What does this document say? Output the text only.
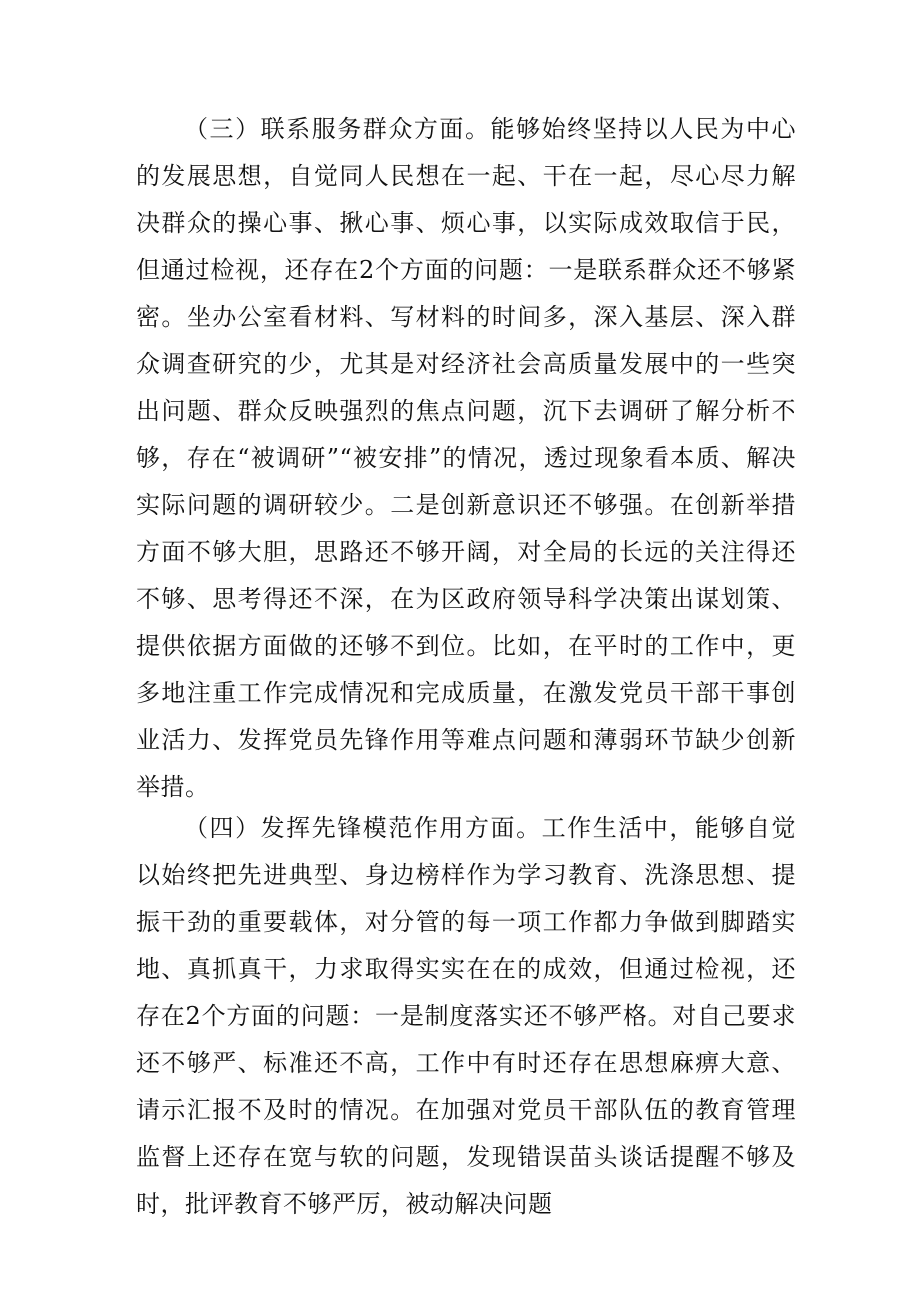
（三）联系服务群众方面。能够始终坚持以人民为中心的发展思想，自觉同人民想在一起、干在一起，尽心尽力解决群众的操心事、揪心事、烦心事，以实际成效取信于民，但通过检视，还存在2个方面的问题：一是联系群众还不够紧密。坐办公室看材料、写材料的时间多，深入基层、深入群众调查研究的少，尤其是对经济社会高质量发展中的一些突出问题、群众反映强烈的焦点问题，沉下去调研了解分析不够，存在“被调研”“被安排”的情况，透过现象看本质、解决实际问题的调研较少。二是创新意识还不够强。在创新举措方面不够大胆，思路还不够开阔，对全局的长远的关注得还不够、思考得还不深，在为区政府领导科学决策出谋划策、提供依据方面做的还够不到位。比如，在平时的工作中，更多地注重工作完成情况和完成质量，在激发党员干部干事创业活力、发挥党员先锋作用等难点问题和薄弱环节缺少创新举措。

（四）发挥先锋模范作用方面。工作生活中，能够自觉以始终把先进典型、身边榜样作为学习教育、洗涤思想、提振干劲的重要载体，对分管的每一项工作都力争做到脚踏实地、真抓真干，力求取得实实在在的成效，但通过检视，还存在2个方面的问题：一是制度落实还不够严格。对自己要求还不够严、标准还不高，工作中有时还存在思想麻痹大意、请示汇报不及时的情况。在加强对党员干部队伍的教育管理监督上还存在宽与软的问题，发现错误苗头谈话提醒不够及时，批评教育不够严厉，被动解决问题
